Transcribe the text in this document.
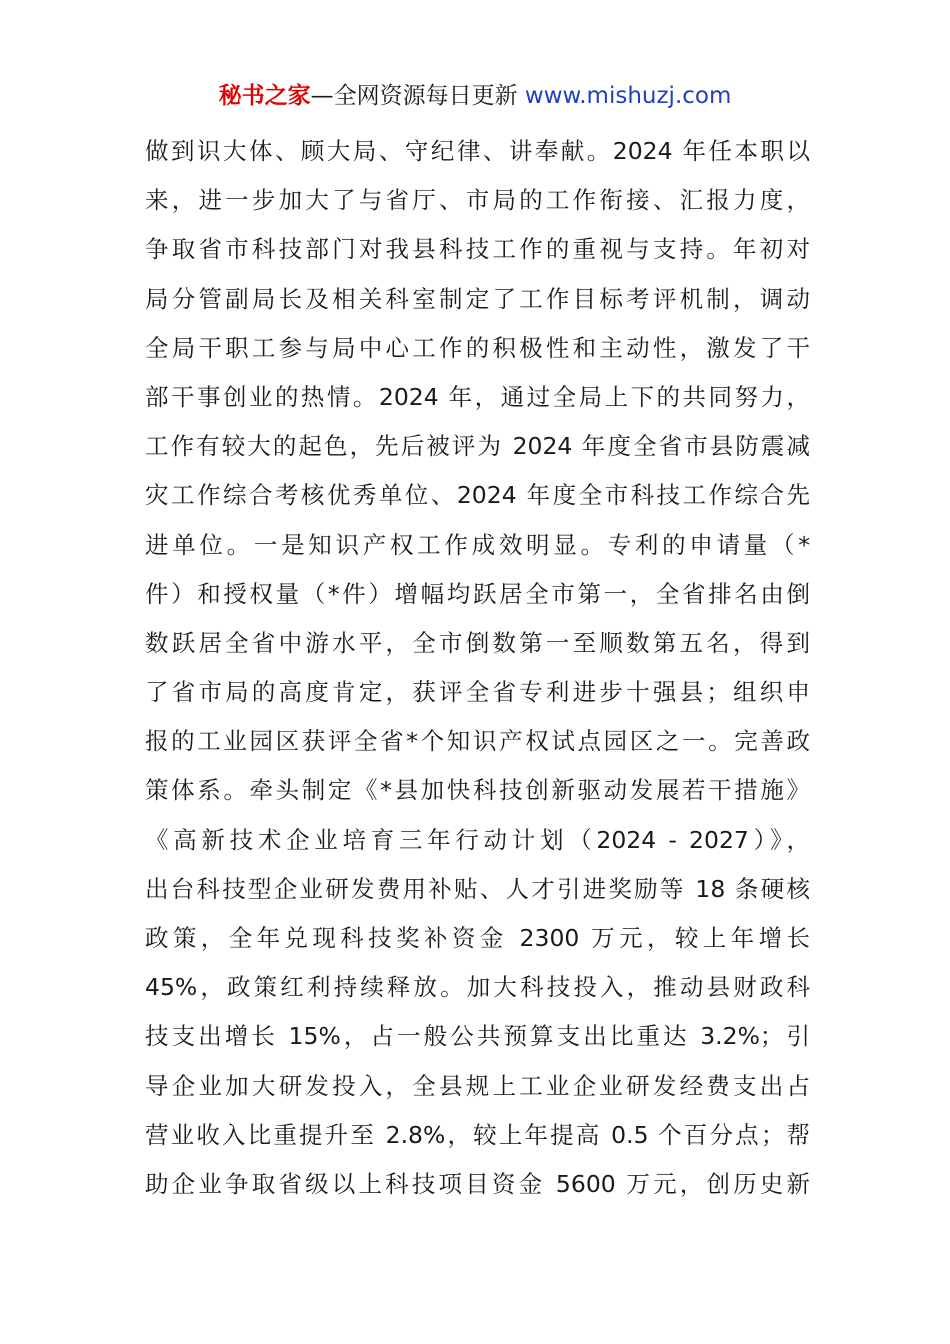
秘书之家—全网资源每日更新 www.mishuzj.com
做到识大体、顾大局、守纪律、讲奉献。2024 年任本职以
来，进一步加大了与省厅、市局的工作衔接、汇报力度，
争取省市科技部门对我县科技工作的重视与支持。年初对
局分管副局长及相关科室制定了工作目标考评机制，调动
全局干职工参与局中心工作的积极性和主动性，激发了干
部干事创业的热情。2024 年，通过全局上下的共同努力，
工作有较大的起色，先后被评为 2024 年度全省市县防震减
灾工作综合考核优秀单位、2024 年度全市科技工作综合先
进单位。一是知识产权工作成效明显。专利的申请量（*
件）和授权量（*件）增幅均跃居全市第一，全省排名由倒
数跃居全省中游水平，全市倒数第一至顺数第五名，得到
了省市局的高度肯定，获评全省专利进步十强县；组织申
报的工业园区获评全省*个知识产权试点园区之一。完善政
策体系。牵头制定《*县加快科技创新驱动发展若干措施》
《高新技术企业培育三年行动计划（2024 - 2027）》，
出台科技型企业研发费用补贴、人才引进奖励等 18 条硬核
政策，全年兑现科技奖补资金 2300 万元，较上年增长
45%，政策红利持续释放。加大科技投入，推动县财政科
技支出增长 15%，占一般公共预算支出比重达 3.2%；引
导企业加大研发投入，全县规上工业企业研发经费支出占
营业收入比重提升至 2.8%，较上年提高 0.5 个百分点；帮
助企业争取省级以上科技项目资金 5600 万元，创历史新
